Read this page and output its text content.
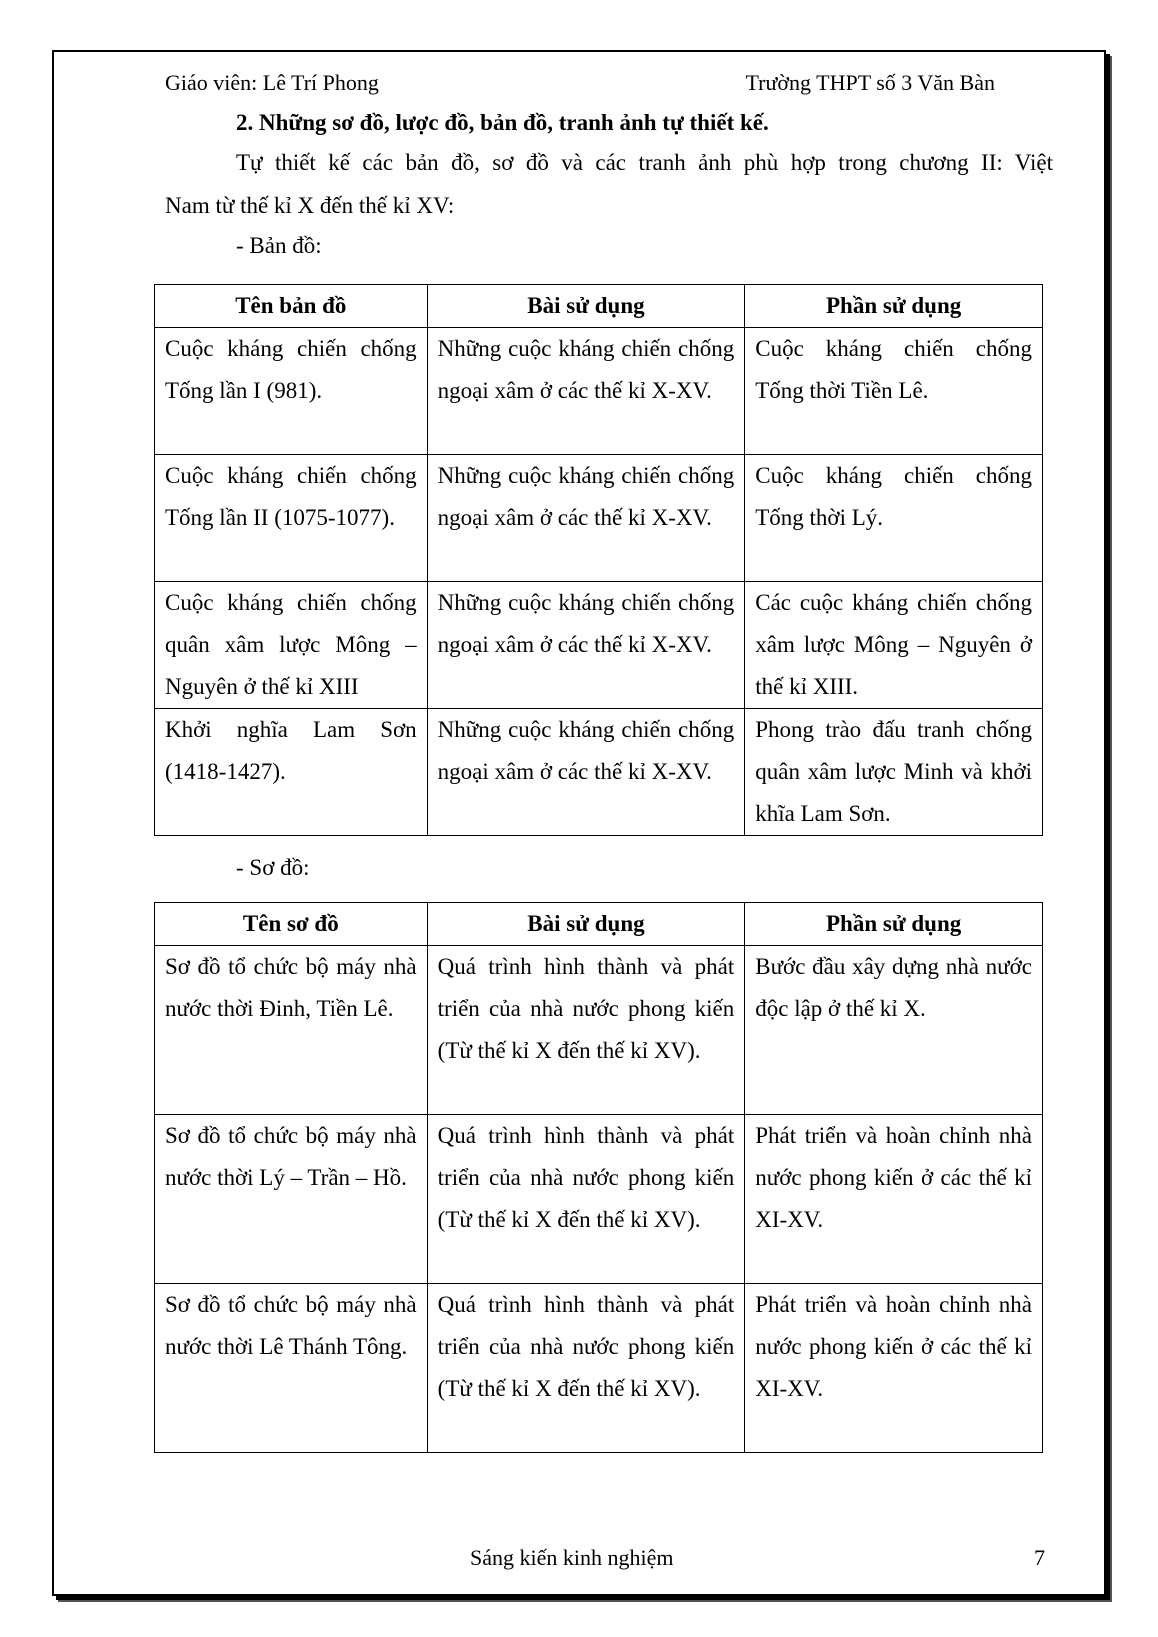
Giáo viên: Lê Trí Phong	Trường THPT số 3 Văn Bàn
2. Những sơ đồ, lược đồ, bản đồ, tranh ảnh tự thiết kế.
Tự thiết kế các bản đồ, sơ đồ và các tranh ảnh phù hợp trong chương II: Việt
Nam từ thế kỉ X đến thế kỉ XV:
- Bản đồ:
Tên bản đồ	Bài sử dụng	Phần sử dụng
Cuộc kháng chiến chống Tống lần I (981).	Những cuộc kháng chiến chống ngoại xâm ở các thế kỉ X-XV.	Cuộc kháng chiến chống Tống thời Tiền Lê.
Cuộc kháng chiến chống Tống lần II (1075-1077).	Những cuộc kháng chiến chống ngoại xâm ở các thế kỉ X-XV.	Cuộc kháng chiến chống Tống thời Lý.
Cuộc kháng chiến chống quân xâm lược Mông – Nguyên ở thế kỉ XIII	Những cuộc kháng chiến chống ngoại xâm ở các thế kỉ X-XV.	Các cuộc kháng chiến chống xâm lược Mông – Nguyên ở thế kỉ XIII.
Khởi nghĩa Lam Sơn (1418-1427).	Những cuộc kháng chiến chống ngoại xâm ở các thế kỉ X-XV.	Phong trào đấu tranh chống quân xâm lược Minh và khởi khĩa Lam Sơn.
- Sơ đồ:
Tên sơ đồ	Bài sử dụng	Phần sử dụng
Sơ đồ tổ chức bộ máy nhà nước thời Đinh, Tiền Lê.	Quá trình hình thành và phát triển của nhà nước phong kiến (Từ thế kỉ X đến thế kỉ XV).	Bước đầu xây dựng nhà nước độc lập ở thế kỉ X.
Sơ đồ tổ chức bộ máy nhà nước thời Lý – Trần – Hồ.	Quá trình hình thành và phát triển của nhà nước phong kiến (Từ thế kỉ X đến thế kỉ XV).	Phát triển và hoàn chỉnh nhà nước phong kiến ở các thế kỉ XI-XV.
Sơ đồ tổ chức bộ máy nhà nước thời Lê Thánh Tông.	Quá trình hình thành và phát triển của nhà nước phong kiến (Từ thế kỉ X đến thế kỉ XV).	Phát triển và hoàn chỉnh nhà nước phong kiến ở các thế kỉ XI-XV.
Sáng kiến kinh nghiệm	7
